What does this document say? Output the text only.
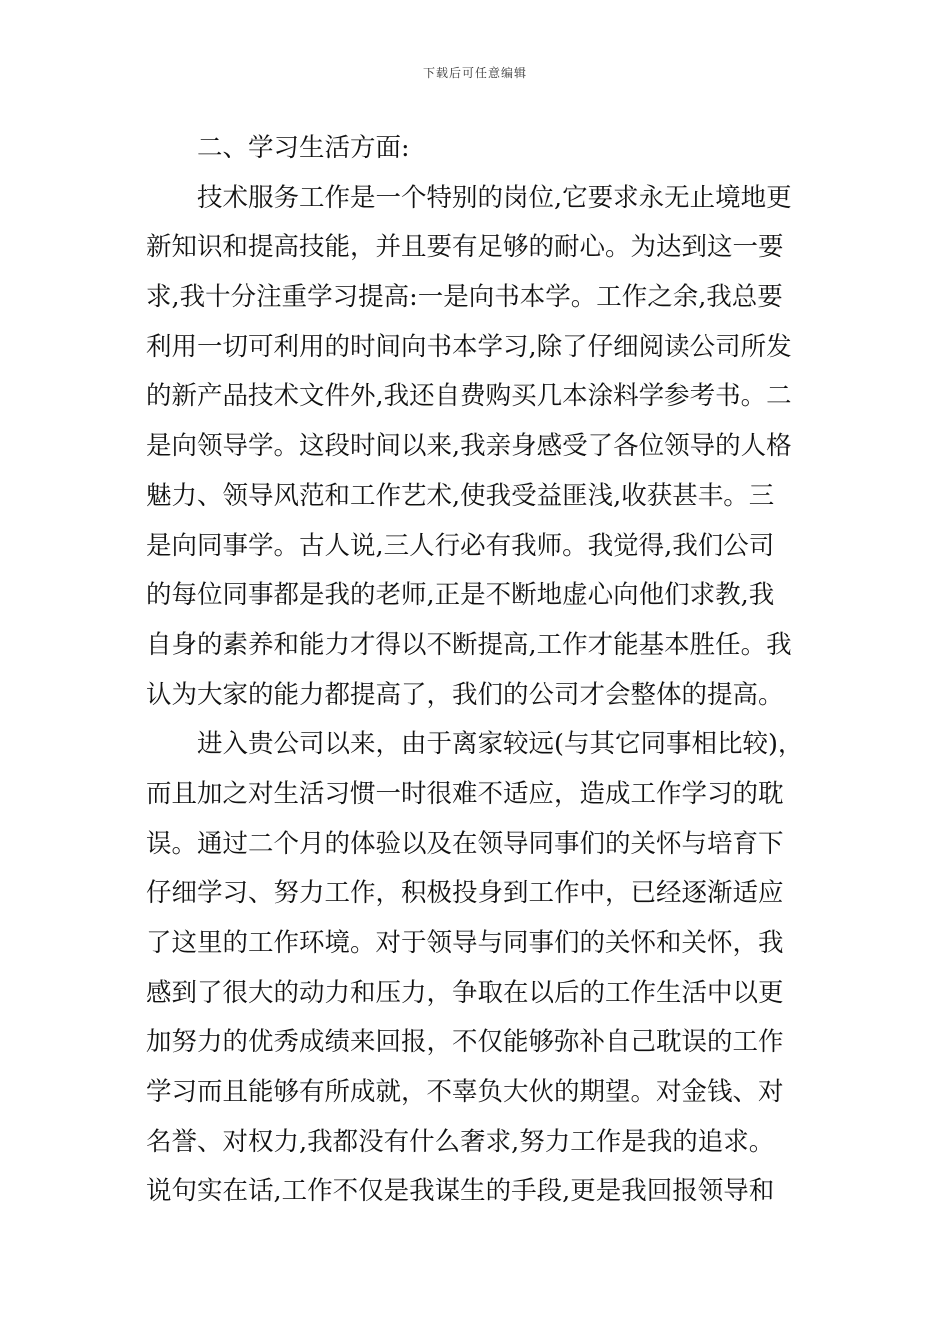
下载后可任意编辑
二、学习生活方面:
技术服务工作是一个特别的岗位,它要求永无止境地更
新知识和提高技能，并且要有足够的耐心。为达到这一要
求,我十分注重学习提高:一是向书本学。工作之余,我总要
利用一切可利用的时间向书本学习,除了仔细阅读公司所发
的新产品技术文件外,我还自费购买几本涂料学参考书。二
是向领导学。这段时间以来,我亲身感受了各位领导的人格
魅力、领导风范和工作艺术,使我受益匪浅,收获甚丰。三
是向同事学。古人说,三人行必有我师。我觉得,我们公司
的每位同事都是我的老师,正是不断地虚心向他们求教,我
自身的素养和能力才得以不断提高,工作才能基本胜任。我
认为大家的能力都提高了，我们的公司才会整体的提高。
进入贵公司以来，由于离家较远(与其它同事相比较)，
而且加之对生活习惯一时很难不适应，造成工作学习的耽
误。通过二个月的体验以及在领导同事们的关怀与培育下
仔细学习、努力工作，积极投身到工作中，已经逐渐适应
了这里的工作环境。对于领导与同事们的关怀和关怀，我
感到了很大的动力和压力，争取在以后的工作生活中以更
加努力的优秀成绩来回报，不仅能够弥补自己耽误的工作
学习而且能够有所成就，不辜负大伙的期望。对金钱、对
名誉、对权力,我都没有什么奢求,努力工作是我的追求。
说句实在话,工作不仅是我谋生的手段,更是我回报领导和
